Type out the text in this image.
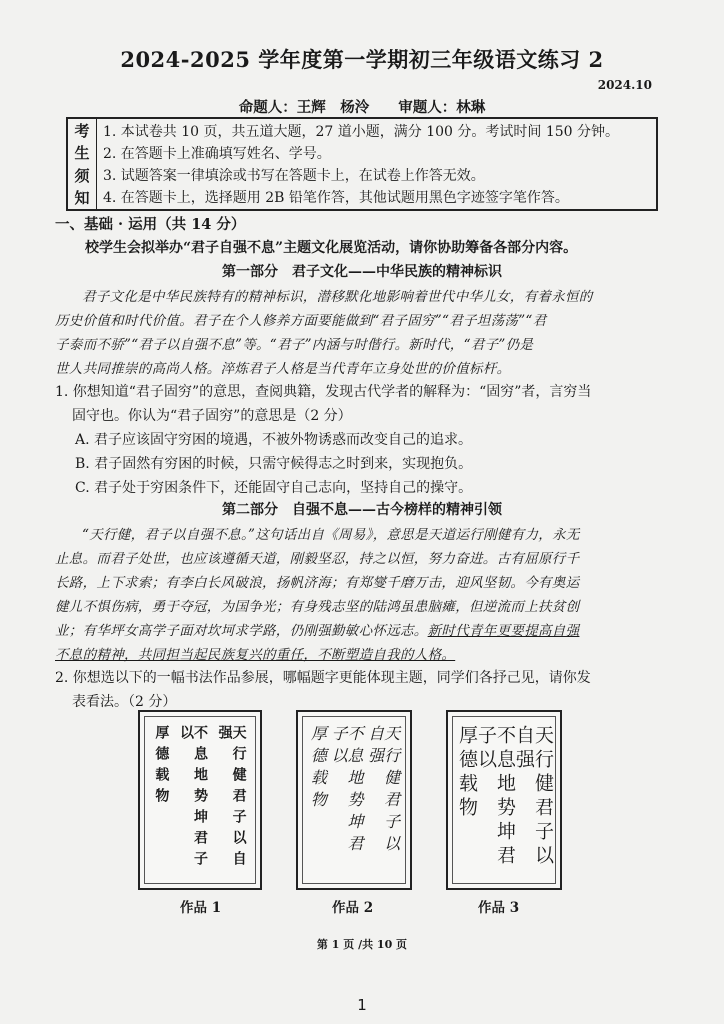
2024-2025 学年度第一学期初三年级语文练习 2
2024.10
命题人：王辉　杨泠　　审题人：林琳
考
生
须
知
1. 本试卷共 10 页，共五道大题，27 道小题，满分 100 分。考试时间 150 分钟。
2. 在答题卡上准确填写姓名、学号。
3. 试题答案一律填涂或书写在答题卡上，在试卷上作答无效。
4. 在答题卡上，选择题用 2B 铅笔作答，其他试题用黑色字迹签字笔作答。
一、基础 · 运用（共 14 分）
校学生会拟举办“君子自强不息”主题文化展览活动，请你协助筹备各部分内容。
第一部分　君子文化——中华民族的精神标识
君子文化是中华民族特有的精神标识，潜移默化地影响着世代中华儿女，有着永恒的
历史价值和时代价值。君子在个人修养方面要能做到“君子固穷”“君子坦荡荡”“君
子泰而不骄”“君子以自强不息”等。“君子”内涵与时偕行。新时代，“君子”仍是
世人共同推崇的高尚人格。淬炼君子人格是当代青年立身处世的价值标杆。
1. 你想知道“君子固穷”的意思，查阅典籍，发现古代学者的解释为：“固穷”者，言穷当
固守也。你认为“君子固穷”的意思是（2 分）
A. 君子应该固守穷困的境遇，不被外物诱惑而改变自己的追求。
B. 君子固然有穷困的时候，只需守候得志之时到来，实现抱负。
C. 君子处于穷困条件下，还能固守自己志向，坚持自己的操守。
第二部分　自强不息——古今榜样的精神引领
“天行健，君子以自强不息。”这句话出自《周易》，意思是天道运行刚健有力，永无
止息。而君子处世，也应该遵循天道，刚毅坚忍，持之以恒，努力奋进。古有屈原行千
长路，上下求索；有李白长风破浪，扬帆济海；有郑燮千磨万击，迎风坚韧。今有奥运
健儿不惧伤病，勇于夺冠，为国争光；有身残志坚的陆鸿虽患脑瘫，但逆流而上扶贫创
业；有华坪女高学子面对坎坷求学路，仍刚强勤敏心怀远志。新时代青年更要提高自强
不息的精神，共同担当起民族复兴的重任，不断塑造自我的人格。
2. 你想选以下的一幅书法作品参展，哪幅题字更能体现主题，同学们各抒己见，请你发
表看法。（2 分）
天行健君子以自强
不息地势坤君子以
厚德载物
作品 1
天行健君子以自强
不息地势坤君子以
厚德载物
作品 2
天行健君子以自强
不息地势坤君子以
厚德载物
作品 3
第 1 页 /共 10 页
1
